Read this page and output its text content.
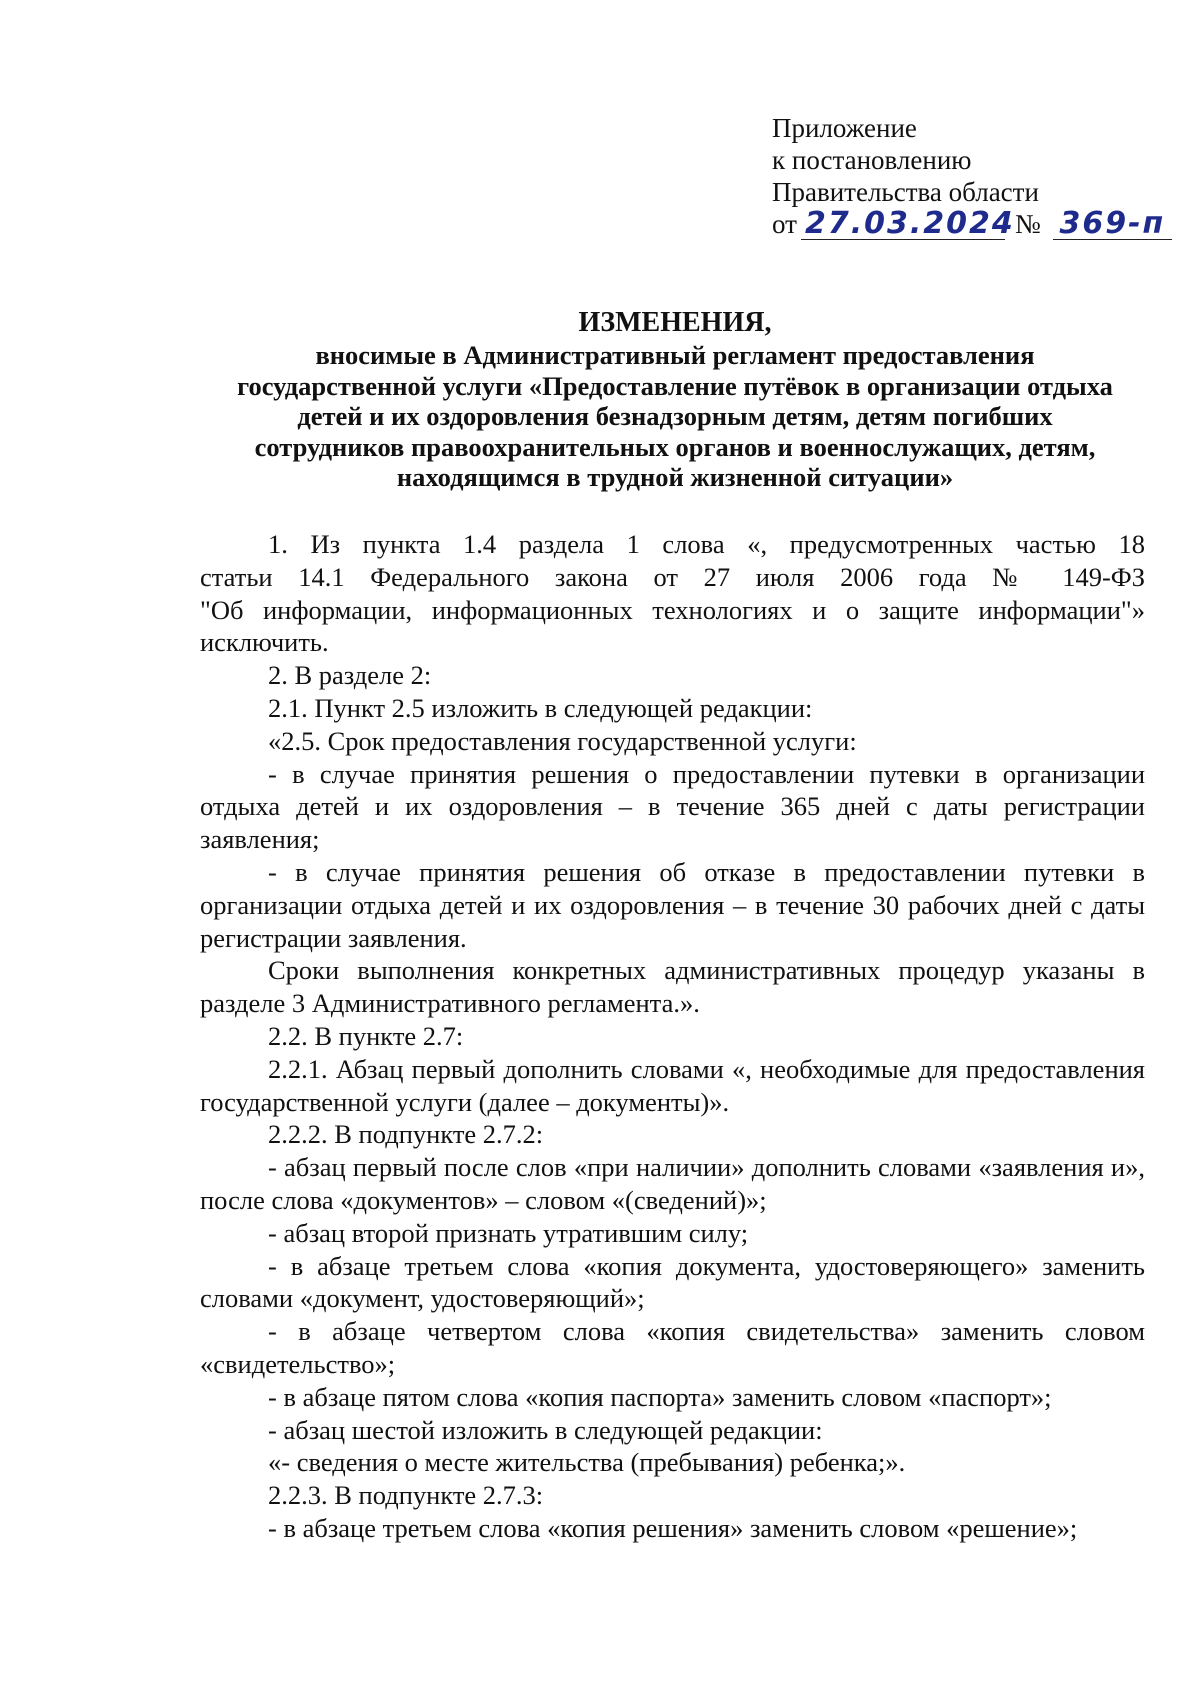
Приложение
к постановлению
Правительства области
от 27.03.2024 № 369-п
ИЗМЕНЕНИЯ,
вносимые в Административный регламент предоставления
государственной услуги «Предоставление путёвок в организации отдыха
детей и их оздоровления безнадзорным детям, детям погибших
сотрудников правоохранительных органов и военнослужащих, детям,
находящимся в трудной жизненной ситуации»

1. Из пункта 1.4 раздела 1 слова «, предусмотренных частью 18

статьи 14.1 Федерального закона от 27 июля 2006 года № 149-ФЗ

"Об информации, информационных технологиях и о защите информации"»

исключить.

2. В разделе 2:

2.1. Пункт 2.5 изложить в следующей редакции:

«2.5. Срок предоставления государственной услуги:

- в случае принятия решения о предоставлении путевки в организации отдыха детей и их оздоровления – в течение 365 дней с даты регистрации заявления;

- в случае принятия решения об отказе в предоставлении путевки в организации отдыха детей и их оздоровления – в течение 30 рабочих дней с даты регистрации заявления.

Сроки выполнения конкретных административных процедур указаны в разделе 3 Административного регламента.».

2.2. В пункте 2.7:

2.2.1. Абзац первый дополнить словами «, необходимые для предоставления государственной услуги (далее – документы)».

2.2.2. В подпункте 2.7.2:

- абзац первый после слов «при наличии» дополнить словами «заявления и», после слова «документов» – словом «(сведений)»;

- абзац второй признать утратившим силу;

- в абзаце третьем слова «копия документа, удостоверяющего» заменить словами «документ, удостоверяющий»;

- в абзаце четвертом слова «копия свидетельства» заменить словом «свидетельство»;

- в абзаце пятом слова «копия паспорта» заменить словом «паспорт»;

- абзац шестой изложить в следующей редакции:

«- сведения о месте жительства (пребывания) ребенка;».

2.2.3. В подпункте 2.7.3:

- в абзаце третьем слова «копия решения» заменить словом «решение»;
